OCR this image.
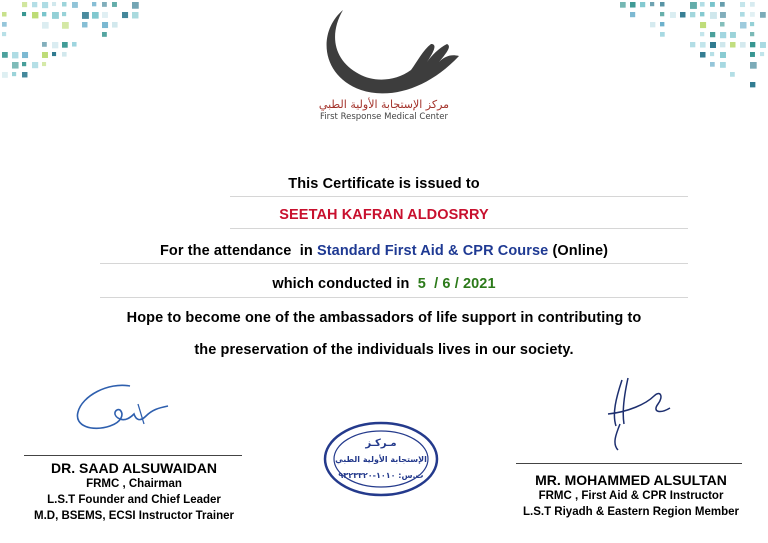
مركز الإستجابة الأولية الطبي
First Response Medical Center
This Certificate is issued to
SEETAH KAFRAN ALDOSRRY
For the attendance  in Standard First Aid & CPR Course (Online)
which conducted in 5  / 6 / 2021
Hope to become one of the ambassadors of life support in contributing to
the preservation of the individuals lives in our society.
DR. SAAD ALSUWAIDAN
FRMC , Chairman
L.S.T Founder and Chief Leader
M.D, BSEMS, ECSI Instructor Trainer
مـركـز
الإستجابة الأولية الطبي
ت.س: ١٠١٠-٩٣٢٣٣٢٠	MR. MOHAMMED ALSULTAN
FRMC , First Aid & CPR Instructor
L.S.T Riyadh & Eastern Region Member
